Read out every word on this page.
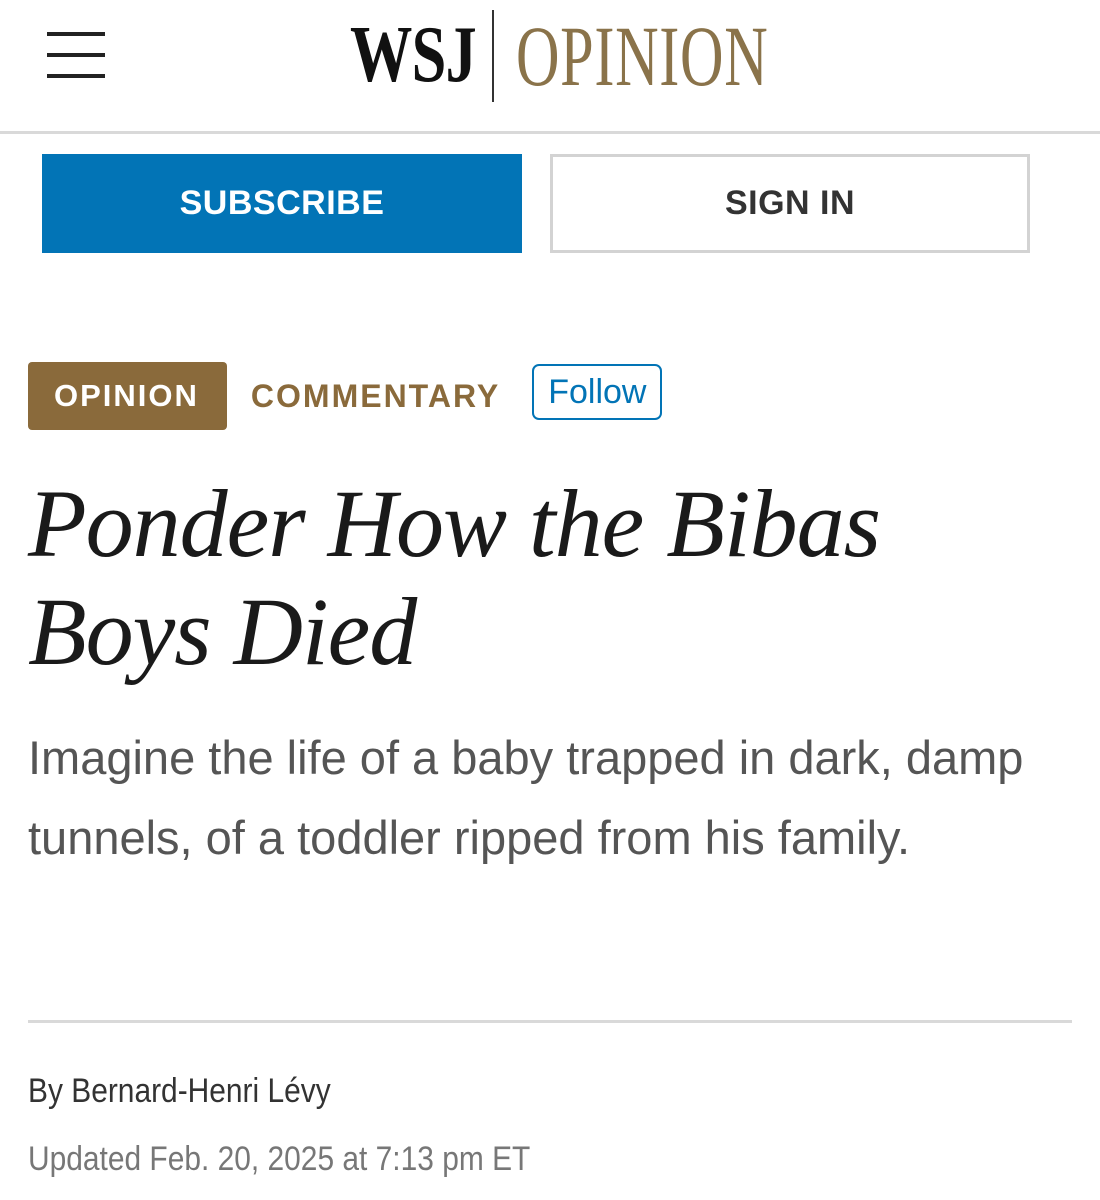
WSJ OPINION
SUBSCRIBE	SIGN IN
OPINION	COMMENTARY	Follow
Ponder How the Bibas Boys Died

Imagine the life of a baby trapped in dark, damp tunnels, of a toddler ripped from his family.

By Bernard-Henri Lévy
Updated Feb. 20, 2025 at 7:13 pm ET
